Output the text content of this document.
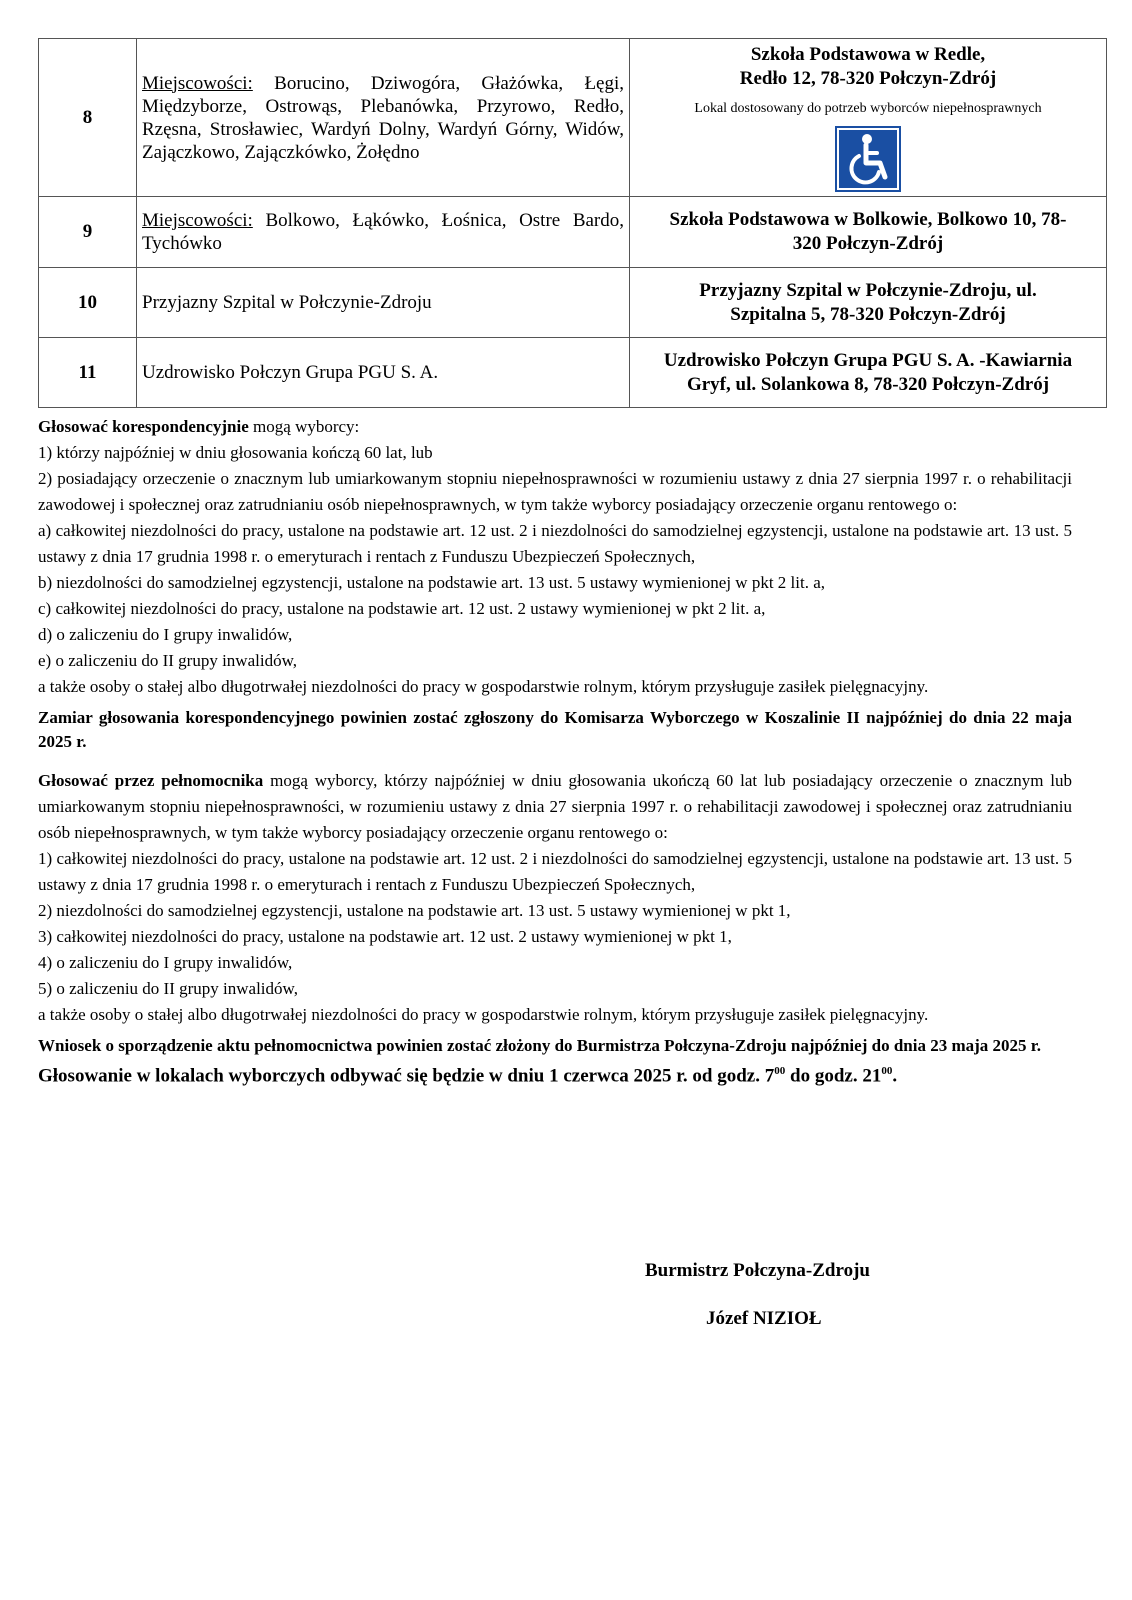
8	Miejscowości: Borucino, Dziwogóra, Głażówka, Łęgi, Międzyborze, Ostrowąs, Plebanówka, Przyrowo, Redło, Rzęsna, Strosławiec, Wardyń Dolny, Wardyń Górny, Widów, Zajączkowo, Zajączkówko, Żołędno	Szkoła Podstawowa w Redle,
Redło 12, 78-320 Połczyn-Zdrój
Lokal dostosowany do potrzeb wyborców niepełnosprawnych

9	Miejscowości: Bolkowo, Łąkówko, Łośnica, Ostre Bardo, Tychówko	Szkoła Podstawowa w Bolkowie, Bolkowo 10, 78-
320 Połczyn-Zdrój

10	Przyjazny Szpital w Połczynie-Zdroju	Przyjazny Szpital w Połczynie-Zdroju, ul.
Szpitalna 5, 78-320 Połczyn-Zdrój

11	Uzdrowisko Połczyn Grupa PGU S. A.	Uzdrowisko Połczyn Grupa PGU S. A. -Kawiarnia
Gryf, ul. Solankowa 8, 78-320 Połczyn-Zdrój

Głosować korespondencyjnie mogą wyborcy:

1) którzy najpóźniej w dniu głosowania kończą 60 lat, lub

2) posiadający orzeczenie o znacznym lub umiarkowanym stopniu niepełnosprawności w rozumieniu ustawy z dnia 27 sierpnia 1997 r. o rehabilitacji zawodowej i społecznej oraz zatrudnianiu osób niepełnosprawnych, w tym także wyborcy posiadający orzeczenie organu rentowego o:

a) całkowitej niezdolności do pracy, ustalone na podstawie art. 12 ust. 2 i niezdolności do samodzielnej egzystencji, ustalone na podstawie art. 13 ust. 5 ustawy z dnia 17 grudnia 1998 r. o emeryturach i rentach z Funduszu Ubezpieczeń Społecznych,

b) niezdolności do samodzielnej egzystencji, ustalone na podstawie art. 13 ust. 5 ustawy wymienionej w pkt 2 lit. a,

c) całkowitej niezdolności do pracy, ustalone na podstawie art. 12 ust. 2 ustawy wymienionej w pkt 2 lit. a,

d) o zaliczeniu do I grupy inwalidów,

e) o zaliczeniu do II grupy inwalidów,

a także osoby o stałej albo długotrwałej niezdolności do pracy w gospodarstwie rolnym, którym przysługuje zasiłek pielęgnacyjny.

Zamiar głosowania korespondencyjnego powinien zostać zgłoszony do Komisarza Wyborczego w Koszalinie II najpóźniej do dnia 22 maja 2025 r.

Głosować przez pełnomocnika mogą wyborcy, którzy najpóźniej w dniu głosowania ukończą 60 lat lub posiadający orzeczenie o znacznym lub umiarkowanym stopniu niepełnosprawności, w rozumieniu ustawy z dnia 27 sierpnia 1997 r. o rehabilitacji zawodowej i społecznej oraz zatrudnianiu osób niepełnosprawnych, w tym także wyborcy posiadający orzeczenie organu rentowego o:

1) całkowitej niezdolności do pracy, ustalone na podstawie art. 12 ust. 2 i niezdolności do samodzielnej egzystencji, ustalone na podstawie art. 13 ust. 5 ustawy z dnia 17 grudnia 1998 r. o emeryturach i rentach z Funduszu Ubezpieczeń Społecznych,

2) niezdolności do samodzielnej egzystencji, ustalone na podstawie art. 13 ust. 5 ustawy wymienionej w pkt 1,

3) całkowitej niezdolności do pracy, ustalone na podstawie art. 12 ust. 2 ustawy wymienionej w pkt 1,

4) o zaliczeniu do I grupy inwalidów,

5) o zaliczeniu do II grupy inwalidów,

a także osoby o stałej albo długotrwałej niezdolności do pracy w gospodarstwie rolnym, którym przysługuje zasiłek pielęgnacyjny.

Wniosek o sporządzenie aktu pełnomocnictwa powinien zostać złożony do Burmistrza Połczyna-Zdroju najpóźniej do dnia 23 maja 2025 r.

Głosowanie w lokalach wyborczych odbywać się będzie w dniu 1 czerwca 2025 r. od godz. $7^{00}$ do godz. $21^{00}$.

Burmistrz Połczyna-Zdroju
Józef NIZIOŁ
